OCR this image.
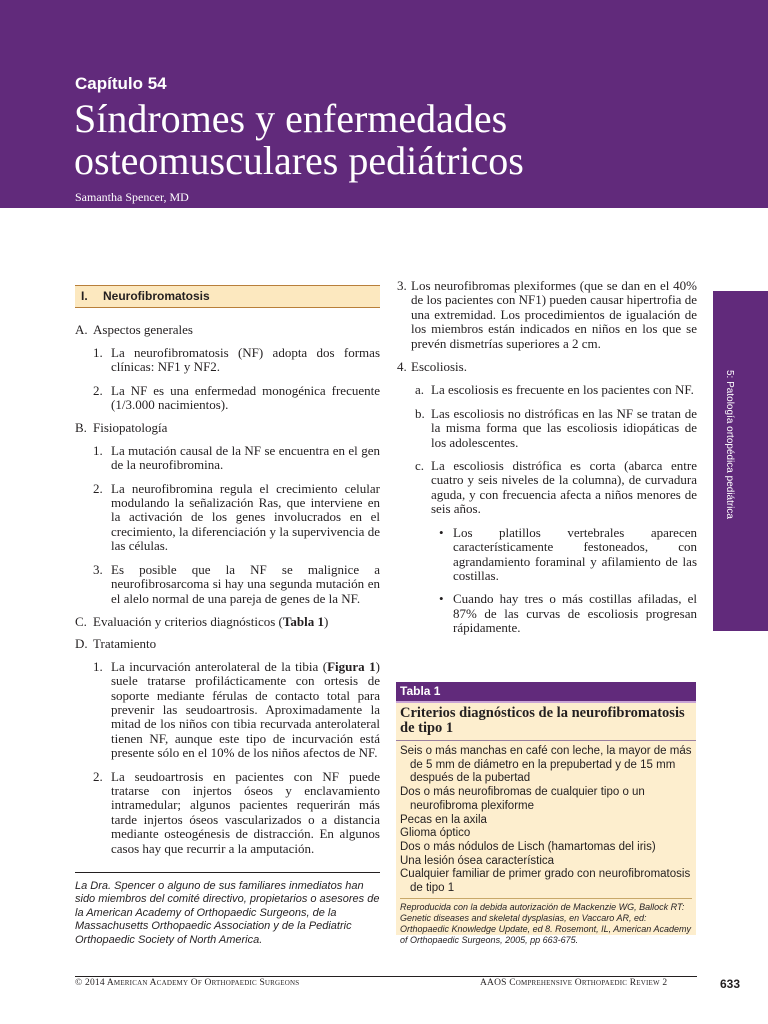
Capítulo 54
Síndromes y enfermedades
osteomusculares pediátricos
Samantha Spencer, MD
I. Neurofibromatosis

A. Aspectos generales

1. La neurofibromatosis (NF) adopta dos formas clínicas: NF1 y NF2.

2. La NF es una enfermedad monogénica frecuente (1/3.000 nacimientos).

B. Fisiopatología

1. La mutación causal de la NF se encuentra en el gen de la neurofibromina.

2. La neurofibromina regula el crecimiento celular modulando la señalización Ras, que interviene en la activación de los genes involucrados en el crecimiento, la diferenciación y la supervivencia de las células.

3. Es posible que la NF se malignice a neurofibrosarcoma si hay una segunda mutación en el alelo normal de una pareja de genes de la NF.

C. Evaluación y criterios diagnósticos (Tabla 1)

D. Tratamiento

1. La incurvación anterolateral de la tibia (Figura 1) suele tratarse profilácticamente con ortesis de soporte mediante férulas de contacto total para prevenir las seudoartrosis. Aproximadamente la mitad de los niños con tibia recurvada anterolateral tienen NF, aunque este tipo de incurvación está presente sólo en el 10% de los niños afectos de NF.

2. La seudoartrosis en pacientes con NF puede tratarse con injertos óseos y enclavamiento intramedular; algunos pacientes requerirán más tarde injertos óseos vascularizados o a distancia mediante osteogénesis de distracción. En algunos casos hay que recurrir a la amputación.

La Dra. Spencer o alguno de sus familiares inmediatos han sido miembros del comité directivo, propietarios o asesores de la American Academy of Orthopaedic Surgeons, de la Massachusetts Orthopaedic Association y de la Pediatric Orthopaedic Society of North America.

3. Los neurofibromas plexiformes (que se dan en el 40% de los pacientes con NF1) pueden causar hipertrofia de una extremidad. Los procedimientos de igualación de los miembros están indicados en niños en los que se prevén dismetrías superiores a 2 cm.

4. Escoliosis.

a. La escoliosis es frecuente en los pacientes con NF.

b. Las escoliosis no distróficas en las NF se tratan de la misma forma que las escoliosis idiopáticas de los adolescentes.

c. La escoliosis distrófica es corta (abarca entre cuatro y seis niveles de la columna), de curvadura aguda, y con frecuencia afecta a niños menores de seis años.

• Los platillos vertebrales aparecen característicamente festoneados, con agrandamiento foraminal y afilamiento de las costillas.

• Cuando hay tres o más costillas afiladas, el 87% de las curvas de escoliosis progresan rápidamente.

Tabla 1
Criterios diagnósticos de la neurofibromatosis de tipo 1
Seis o más manchas en café con leche, la mayor de más de 5 mm de diámetro en la prepubertad y de 15 mm después de la pubertad
Dos o más neurofibromas de cualquier tipo o un neurofibroma plexiforme
Pecas en la axila
Glioma óptico
Dos o más nódulos de Lisch (hamartomas del iris)
Una lesión ósea característica
Cualquier familiar de primer grado con neurofibromatosis de tipo 1
Reproducida con la debida autorización de Mackenzie WG, Ballock RT: Genetic diseases and skeletal dysplasias, en Vaccaro AR, ed: Orthopaedic Knowledge Update, ed 8. Rosemont, IL, American Academy of Orthopaedic Surgeons, 2005, pp 663-675.
5: Patología ortopédica pediátrica
© 2014 American Academy Of Orthopaedic Surgeons	AAOS Comprehensive Orthopaedic Review 2	633
